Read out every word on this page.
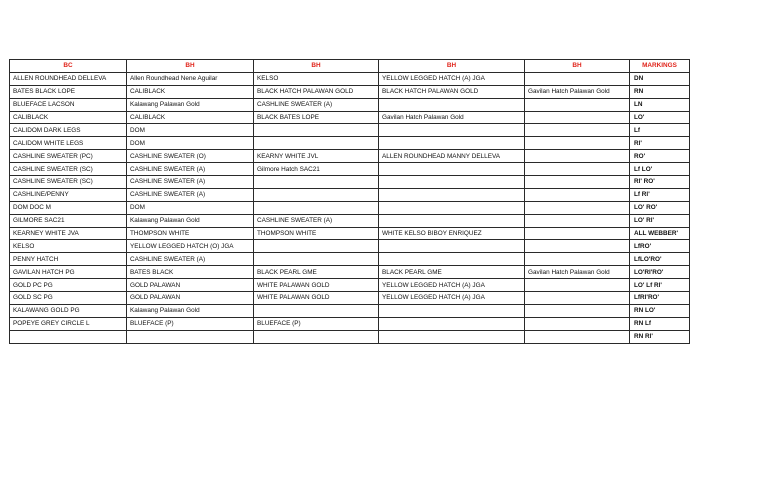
BC	BH	BH	BH	BH	MARKINGS
ALLEN ROUNDHEAD DELLEVA	Allen Roundhead Nene Aguilar	KELSO	YELLOW LEGGED HATCH (A) JGA		DN
BATES BLACK LOPE	CALIBLACK	BLACK HATCH PALAWAN GOLD	BLACK HATCH PALAWAN GOLD	Gavilan Hatch Palawan Gold	RN
BLUEFACE LACSON	Kalawang Palawan Gold	CASHLINE SWEATER (A)			LN
CALIBLACK	CALIBLACK	BLACK BATES LOPE	Gavilan Hatch Palawan Gold		LO'
CALIDOM DARK LEGS	DOM				Lf
CALIDOM WHITE LEGS	DOM				Rl'
CASHLINE SWEATER (PC)	CASHLINE SWEATER (O)	KEARNY WHITE JVL	ALLEN ROUNDHEAD MANNY DELLEVA		RO'
CASHLINE SWEATER (SC)	CASHLINE SWEATER (A)	Gilmore Hatch SAC21			Lf LO'
CASHLINE SWEATER (SC)	CASHLINE SWEATER (A)				Rl' RO'
CASHLINE/PENNY	CASHLINE SWEATER (A)				Lf Rl'
DOM DOC M	DOM				LO' RO'
GILMORE SAC21	Kalawang Palawan Gold	CASHLINE SWEATER (A)			LO' Rl'
KEARNEY WHITE JVA	THOMPSON WHITE	THOMPSON WHITE	WHITE KELSO BIBOY ENRIQUEZ		ALL WEBBER'
KELSO	YELLOW LEGGED HATCH (O) JGA				LfRO'
PENNY HATCH	CASHLINE SWEATER (A)				LfLO'RO'
GAVILAN HATCH PG	BATES BLACK	BLACK PEARL GME	BLACK PEARL GME	Gavilan Hatch Palawan Gold	LO'Rl'RO'
GOLD PC PG	GOLD PALAWAN	WHITE PALAWAN GOLD	YELLOW LEGGED HATCH (A) JGA		LO' Lf Rl'
GOLD SC PG	GOLD PALAWAN	WHITE PALAWAN GOLD	YELLOW LEGGED HATCH (A) JGA		LfRl'RO'
KALAWANG GOLD PG	Kalawang Palawan Gold				RN LO'
POPEYE GREY CIRCLE L	BLUEFACE (P)	BLUEFACE (P)			RN Lf
					RN Rl'
